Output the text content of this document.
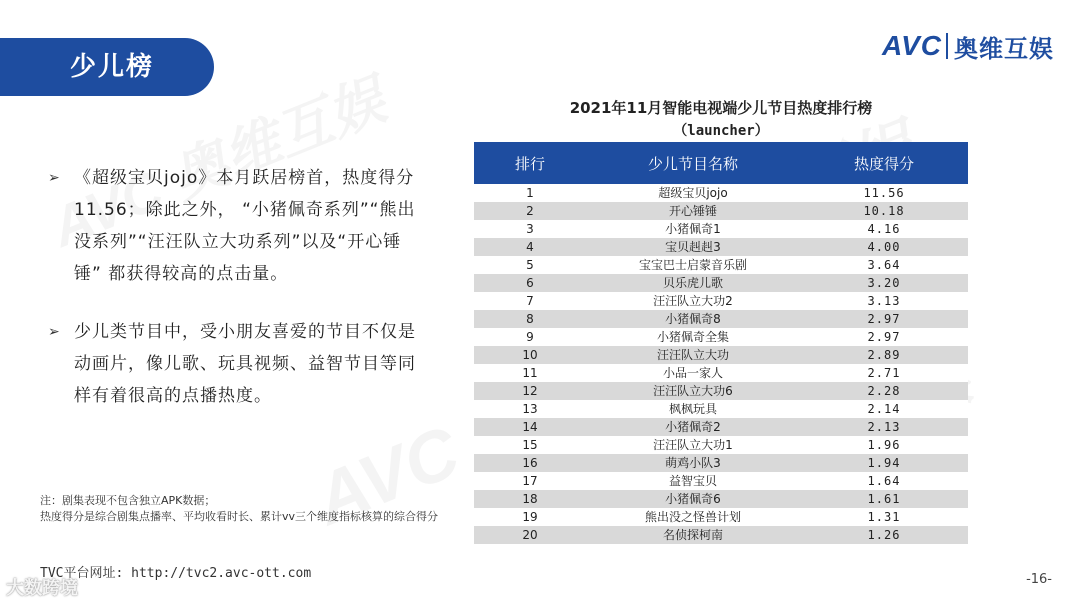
少儿榜
AVC 奥维互娱
➢ 《超级宝贝jojo》本月跃居榜首，热度得分11.56；除此之外， “小猪佩奇系列”“熊出没系列”“汪汪队立大功系列”以及“开心锤锤” 都获得较高的点击量。
➢ 少儿类节目中，受小朋友喜爱的节目不仅是动画片，像儿歌、玩具视频、益智节目等同样有着很高的点播热度。
注：剧集表现不包含独立APK数据；
热度得分是综合剧集点播率、平均收看时长、累计vv三个维度指标核算的综合得分
TVC平台网址: http://tvc2.avc-ott.com
2021年11月智能电视端少儿节目热度排行榜
（launcher）
排行	少儿节目名称	热度得分
1	超级宝贝jojo	11.56
2	开心锤锤	10.18
3	小猪佩奇1	4.16
4	宝贝赳赳3	4.00
5	宝宝巴士启蒙音乐剧	3.64
6	贝乐虎儿歌	3.20
7	汪汪队立大功2	3.13
8	小猪佩奇8	2.97
9	小猪佩奇全集	2.97
10	汪汪队立大功	2.89
11	小品一家人	2.71
12	汪汪队立大功6	2.28
13	枫枫玩具	2.14
14	小猪佩奇2	2.13
15	汪汪队立大功1	1.96
16	萌鸡小队3	1.94
17	益智宝贝	1.64
18	小猪佩奇6	1.61
19	熊出没之怪兽计划	1.31
20	名侦探柯南	1.26
-16-
大数跨境
